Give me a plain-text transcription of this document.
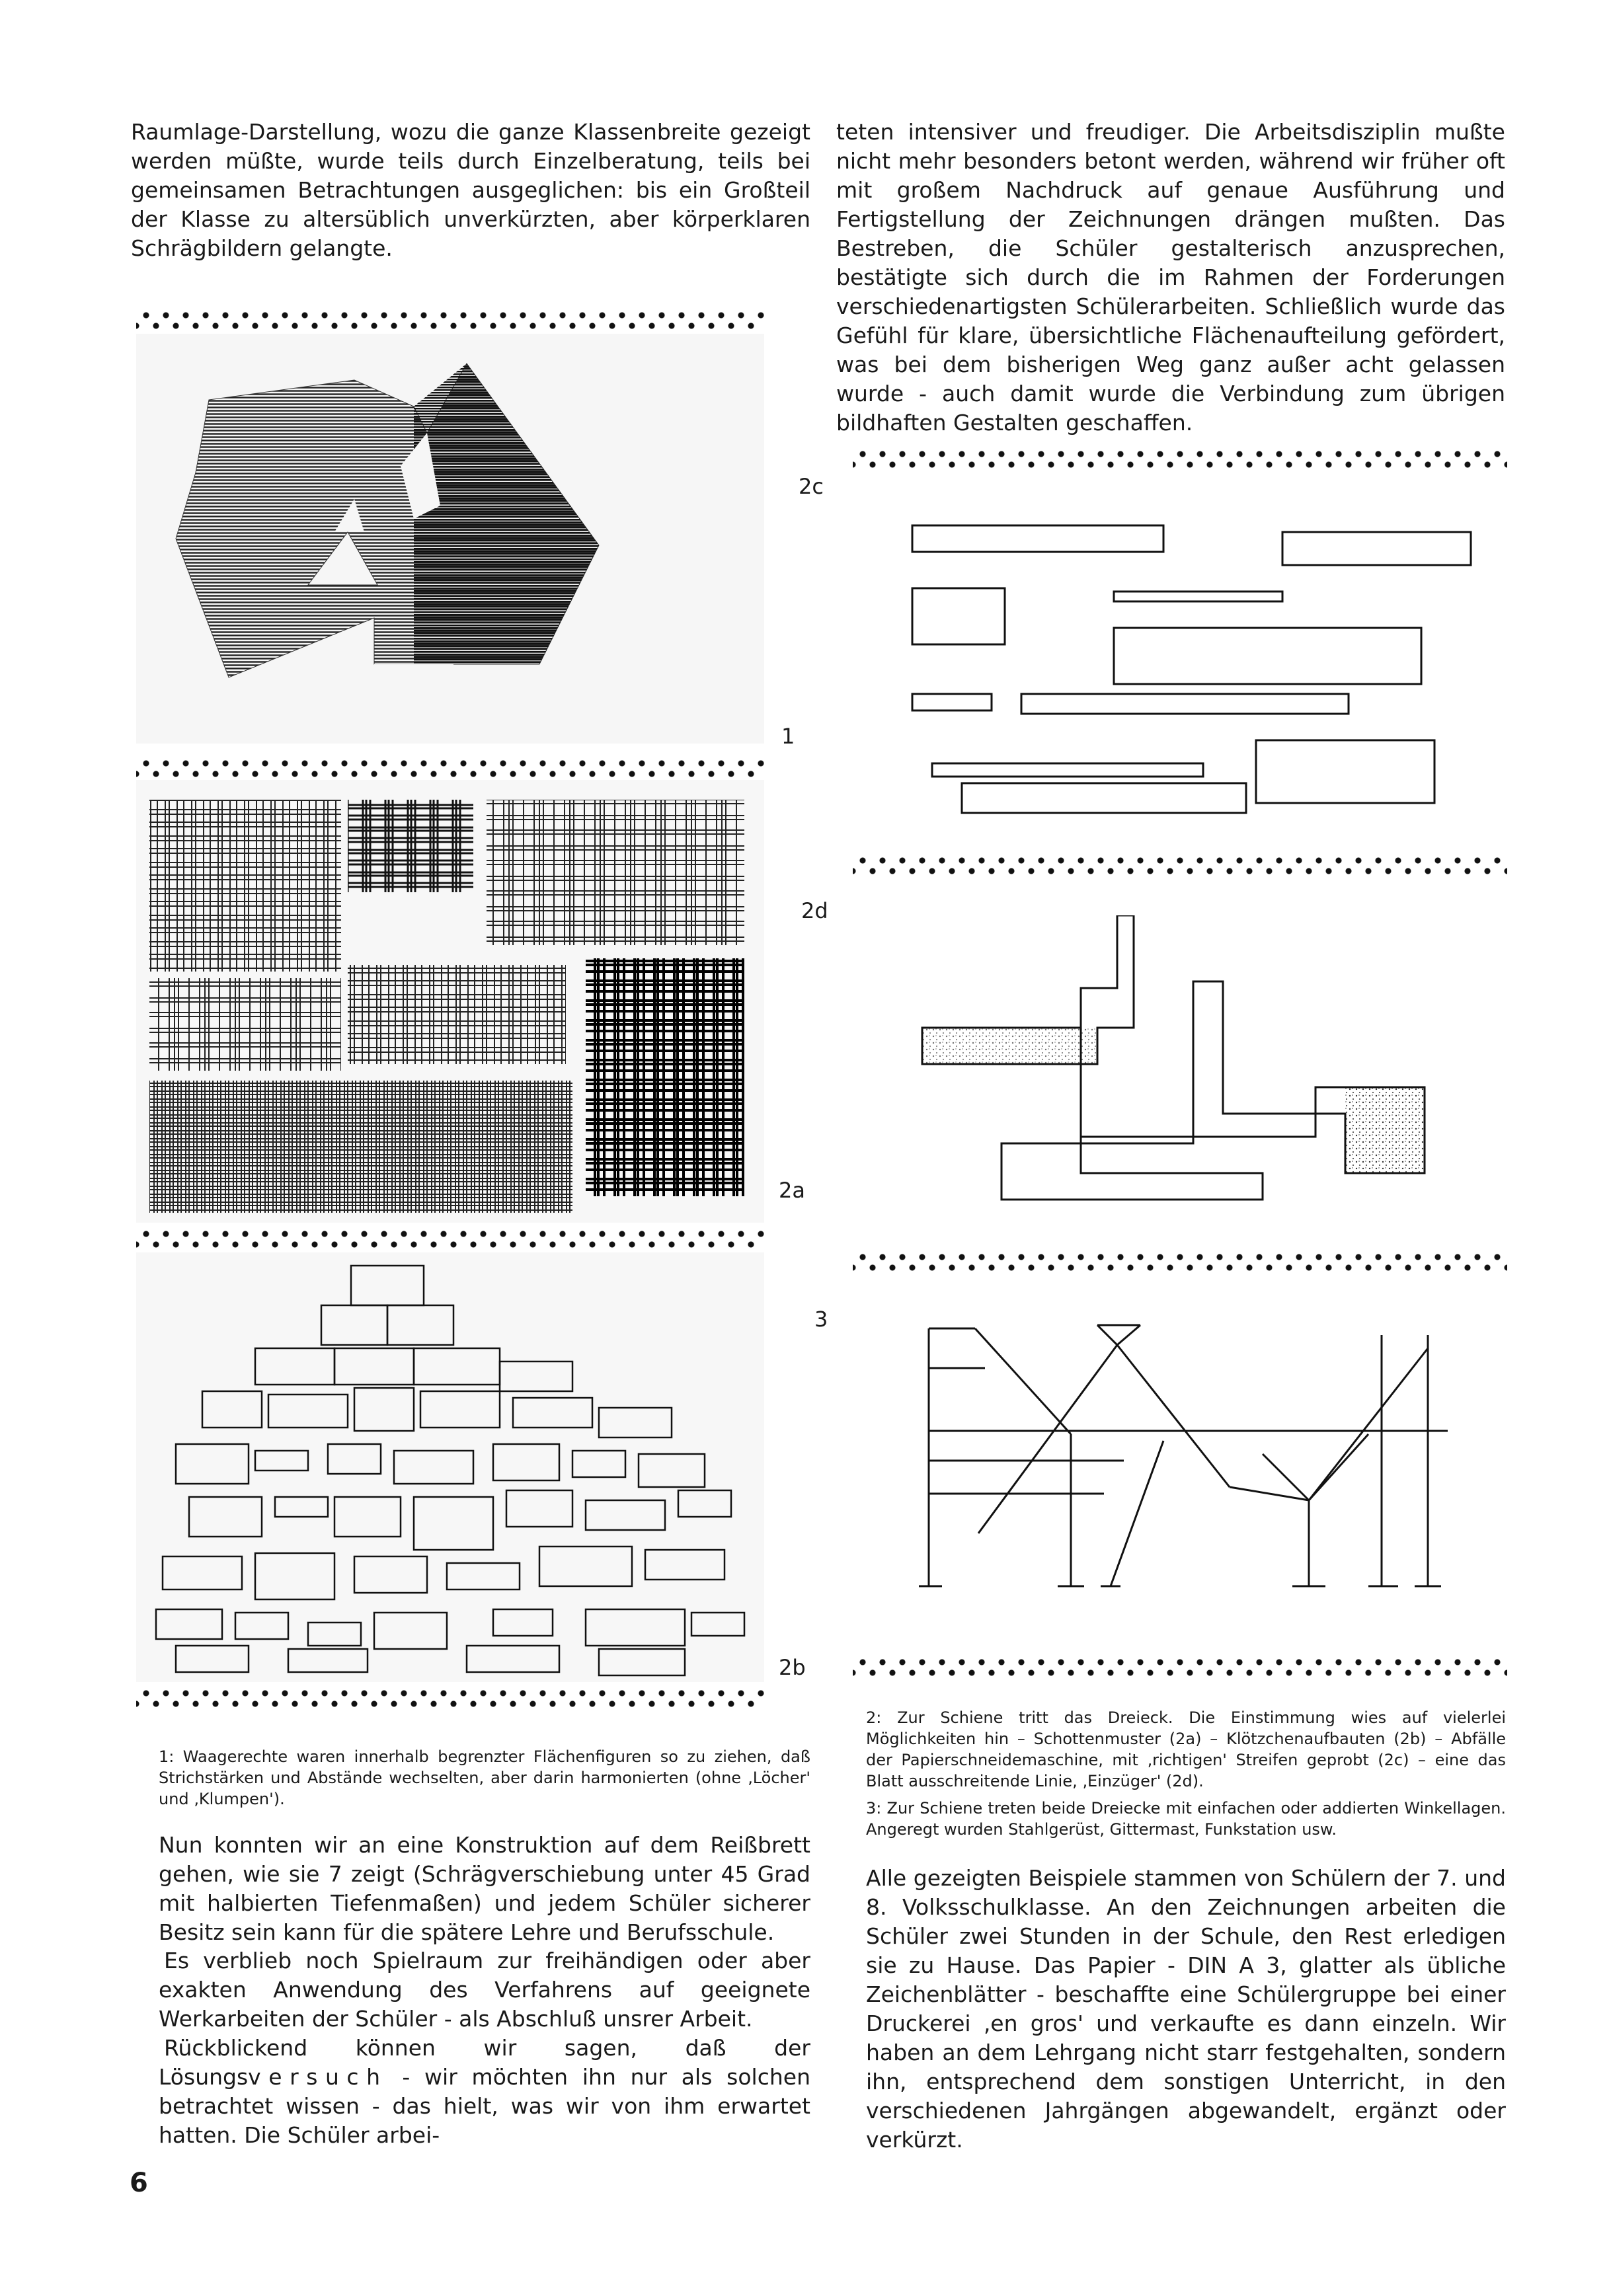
Raumlage-Darstellung, wozu die ganze Klassenbreite gezeigt werden müßte, wurde teils durch Einzelberatung, teils bei gemeinsamen Betrachtungen ausgeglichen: bis ein Großteil der Klasse zu altersüblich unverkürzten, aber körperklaren Schrägbildern gelangte.

1: Waagerechte waren innerhalb begrenzter Flächenfiguren so zu ziehen, daß Strichstärken und Abstände wechselten, aber darin harmonierten (ohne ‚Löcher' und ‚Klumpen').

Nun konnten wir an eine Konstruktion auf dem Reißbrett gehen, wie sie 7 zeigt (Schrägverschiebung unter 45 Grad mit halbierten Tiefenmaßen) und jedem Schüler sicherer Besitz sein kann für die spätere Lehre und Berufsschule.

Es verblieb noch Spielraum zur freihändigen oder aber exakten Anwendung des Verfahrens auf geeignete Werkarbeiten der Schüler - als Abschluß unsrer Arbeit.

Rückblickend können wir sagen, daß der Lösungsversuch - wir möchten ihn nur als solchen betrachtet wissen - das hielt, was wir von ihm erwartet hatten. Die Schüler arbei-

6
2c
1
2d
2a
3
2b

teten intensiver und freudiger. Die Arbeitsdisziplin mußte nicht mehr besonders betont werden, während wir früher oft mit großem Nachdruck auf genaue Ausführung und Fertigstellung der Zeichnungen drängen mußten. Das Bestreben, die Schüler gestalterisch anzusprechen, bestätigte sich durch die im Rahmen der Forderungen verschiedenartigsten Schülerarbeiten. Schließlich wurde das Gefühl für klare, übersichtliche Flächenaufteilung gefördert, was bei dem bisherigen Weg ganz außer acht gelassen wurde - auch damit wurde die Verbindung zum übrigen bildhaften Gestalten geschaffen.

2: Zur Schiene tritt das Dreieck. Die Einstimmung wies auf vielerlei Möglichkeiten hin – Schottenmuster (2a) – Klötzchenaufbauten (2b) – Abfälle der Papierschneidemaschine, mit ‚richtigen' Streifen geprobt (2c) – eine das Blatt ausschreitende Linie, ‚Einzüger' (2d).

3: Zur Schiene treten beide Dreiecke mit einfachen oder addierten Winkellagen. Angeregt wurden Stahlgerüst, Gittermast, Funkstation usw.

Alle gezeigten Beispiele stammen von Schülern der 7. und 8. Volksschulklasse. An den Zeichnungen arbeiten die Schüler zwei Stunden in der Schule, den Rest erledigen sie zu Hause. Das Papier - DIN A 3, glatter als übliche Zeichenblätter - beschaffte eine Schülergruppe bei einer Druckerei ‚en gros' und verkaufte es dann einzeln. Wir haben an dem Lehrgang nicht starr festgehalten, sondern ihn, entsprechend dem sonstigen Unterricht, in den verschiedenen Jahrgängen abgewandelt, ergänzt oder verkürzt.
